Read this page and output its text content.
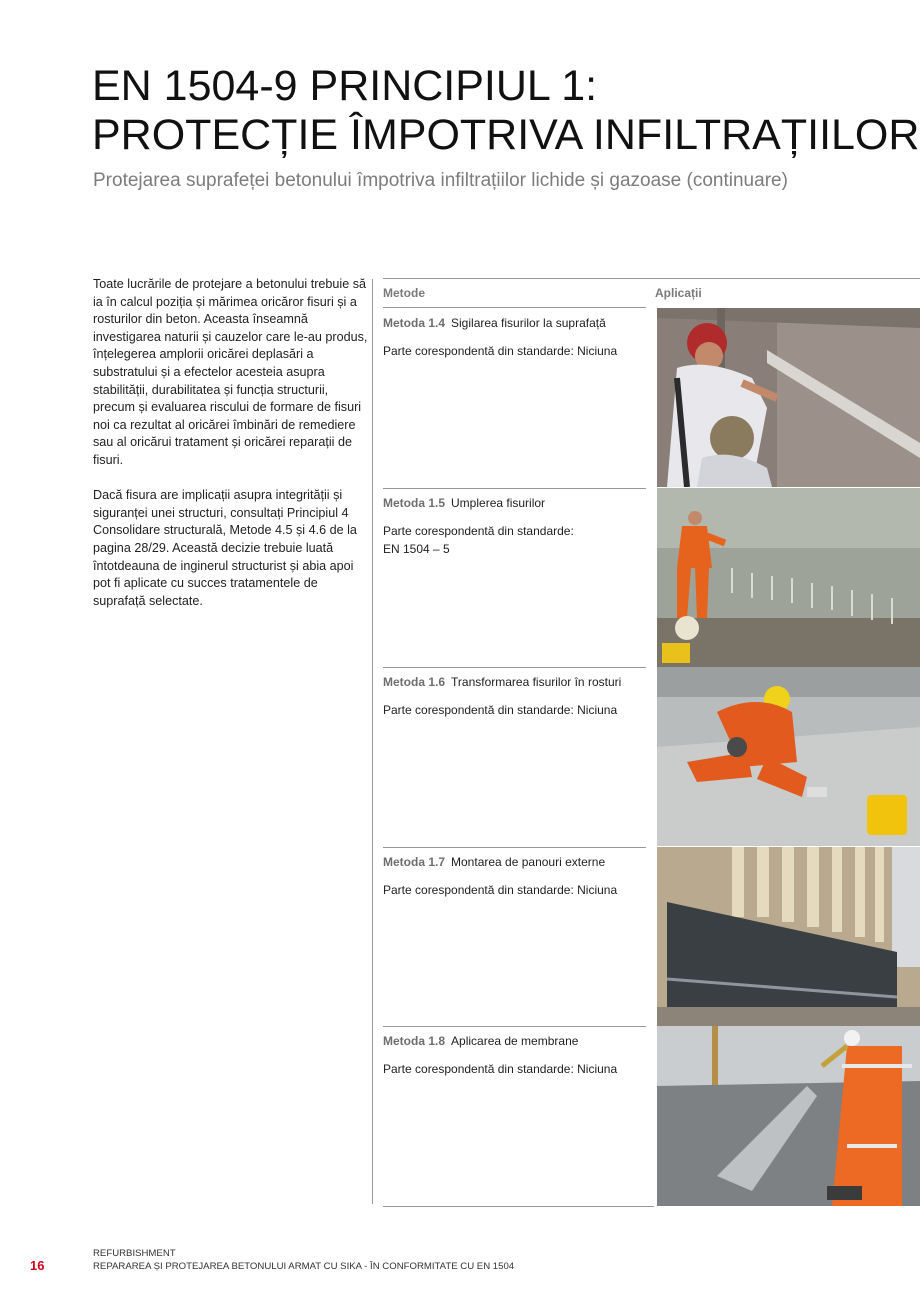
EN 1504-9 PRINCIPIUL 1:
PROTECȚIE ÎMPOTRIVA INFILTRAȚIILOR
Protejarea suprafeței betonului împotriva infiltrațiilor lichide și gazoase (continuare)

Toate lucrările de protejare a betonului trebuie să ia în calcul poziția și mărimea oricăror fisuri și a rosturilor din beton. Aceasta înseamnă investigarea naturii și cauzelor care le-au produs, înțelegerea amplorii oricărei deplasări a substratului și a efectelor acesteia asupra stabilității, durabilitatea și funcția structurii, precum și evaluarea riscului de formare de fisuri noi ca rezultat al oricărei îmbinări de remediere sau al oricărui tratament și oricărei reparații de fisuri.

Dacă fisura are implicații asupra integrității și siguranței unei structuri, consultați Principiul 4 Consolidare structurală, Metode 4.5 și 4.6 de la pagina 28/29. Această decizie trebuie luată întotdeauna de inginerul structurist și abia apoi pot fi aplicate cu succes tratamentele de suprafață selectate.

Metode	Aplicații
Metoda 1.4 Sigilarea fisurilor la suprafață
Parte corespondentă din standarde: Niciuna
Metoda 1.5 Umplerea fisurilor
Parte corespondentă din standarde:
EN 1504 – 5
Metoda 1.6 Transformarea fisurilor în rosturi
Parte corespondentă din standarde: Niciuna
Metoda 1.7 Montarea de panouri externe
Parte corespondentă din standarde: Niciuna
Metoda 1.8 Aplicarea de membrane
Parte corespondentă din standarde: Niciuna
16
REFURBISHMENT
REPARAREA ȘI PROTEJAREA BETONULUI ARMAT CU SIKA - ÎN CONFORMITATE CU EN 1504
